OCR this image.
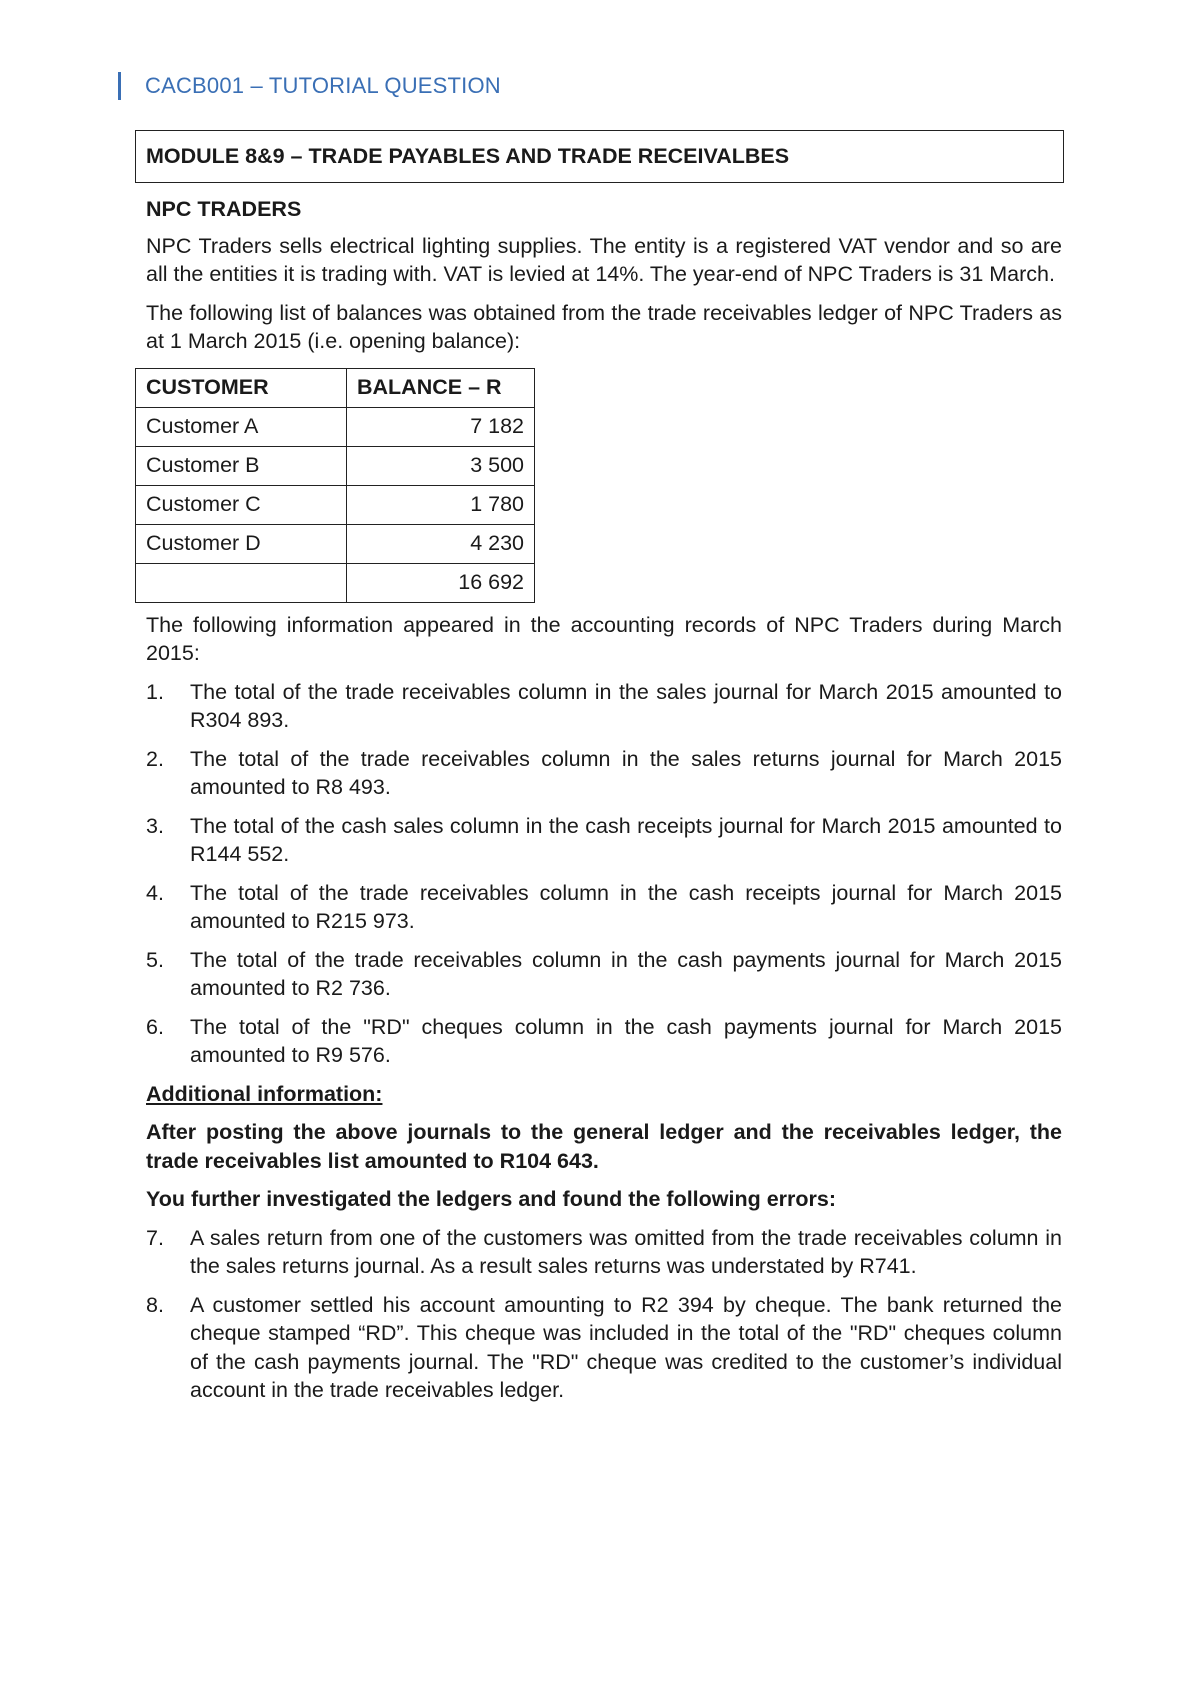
CACB001 – TUTORIAL QUESTION
MODULE 8&9 – TRADE PAYABLES AND TRADE RECEIVALBES
NPC TRADERS

NPC Traders sells electrical lighting supplies. The entity is a registered VAT vendor and so are all the entities it is trading with. VAT is levied at 14%. The year-end of NPC Traders is 31 March.

The following list of balances was obtained from the trade receivables ledger of NPC Traders as at 1 March 2015 (i.e. opening balance):

CUSTOMER	BALANCE – R
Customer A	7 182
Customer B	3 500
Customer C	1 780
Customer D	4 230
	16 692

The following information appeared in the accounting records of NPC Traders during March 2015:

1.	The total of the trade receivables column in the sales journal for March 2015 amounted to R304 893.
2.	The total of the trade receivables column in the sales returns journal for March 2015 amounted to R8 493.
3.	The total of the cash sales column in the cash receipts journal for March 2015 amounted to R144 552.
4.	The total of the trade receivables column in the cash receipts journal for March 2015 amounted to R215 973.
5.	The total of the trade receivables column in the cash payments journal for March 2015 amounted to R2 736.
6.	The total of the "RD" cheques column in the cash payments journal for March 2015 amounted to R9 576.

Additional information:

After posting the above journals to the general ledger and the receivables ledger, the trade receivables list amounted to R104 643.

You further investigated the ledgers and found the following errors:

7.	A sales return from one of the customers was omitted from the trade receivables column in the sales returns journal. As a result sales returns was understated by R741.
8.	A customer settled his account amounting to R2 394 by cheque. The bank returned the cheque stamped “RD”. This cheque was included in the total of the "RD" cheques column of the cash payments journal. The "RD" cheque was credited to the customer’s individual account in the trade receivables ledger.
